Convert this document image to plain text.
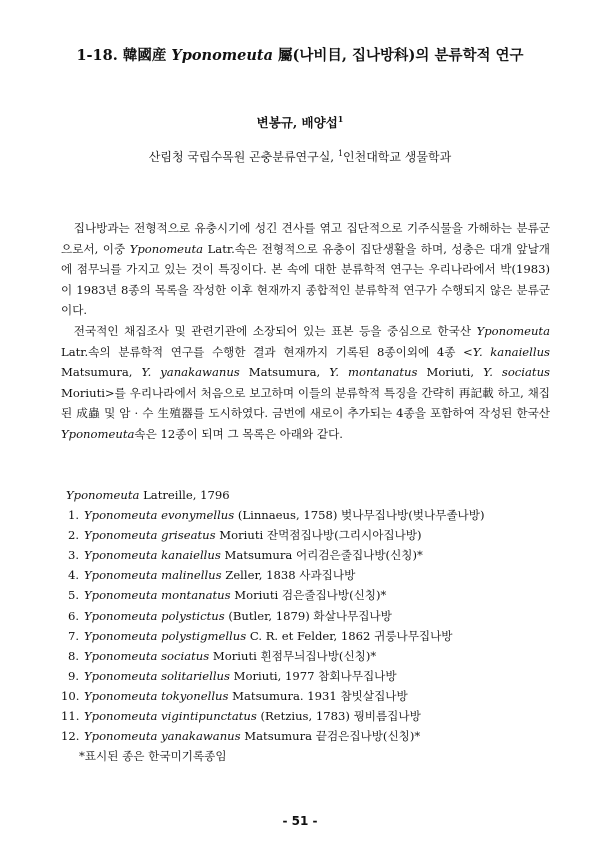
1-18. 韓國産 Yponomeuta 屬(나비目, 집나방科)의 분류학적 연구
변봉규, 배양섭$^1$
산림청 국립수목원 곤충분류연구실, $^1$인천대학교 생물학과

집나방과는 전형적으로 유충시기에 성긴 견사를 엮고 집단적으로 기주식물을 가해하는 분류군으로서, 이중 Yponomeuta Latr.속은 전형적으로 유충이 집단생활을 하며, 성충은 대개 앞날개에 점무늬를 가지고 있는 것이 특징이다. 본 속에 대한 분류학적 연구는 우리나라에서 박(1983)이 1983년 8종의 목록을 작성한 이후 현재까지 종합적인 분류학적 연구가 수행되지 않은 분류군이다.

전국적인 채집조사 및 관련기관에 소장되어 있는 표본 등을 중심으로 한국산 Yponomeuta Latr.속의 분류학적 연구를 수행한 결과 현재까지 기록된 8종이외에 4종 <Y. kanaiellus Matsumura, Y. yanakawanus Matsumura, Y. montanatus Moriuti, Y. sociatus Moriuti>를 우리나라에서 처음으로 보고하며 이들의 분류학적 특징을 간략히 再記載 하고, 채집된 成蟲 및 암 · 수 生殖器를 도시하였다. 금번에 새로이 추가되는 4종을 포함하여 작성된 한국산 Yponomeuta속은 12종이 되며 그 목록은 아래와 같다.

Yponomeuta Latreille, 1796
1. Yponomeuta evonymellus (Linnaeus, 1758) 벚나무집나방(벚나무졸나방)
2. Yponomeuta griseatus Moriuti 잔먹점집나방(그리시아집나방)
3. Yponomeuta kanaiellus Matsumura 어리검은줄집나방(신칭)*
4. Yponomeuta malinellus Zeller, 1838 사과집나방
5. Yponomeuta montanatus Moriuti 검은줄집나방(신칭)*
6. Yponomeuta polystictus (Butler, 1879) 화살나무집나방
7. Yponomeuta polystigmellus C. R. et Felder, 1862 귀룽나무집나방
8. Yponomeuta sociatus Moriuti 흰점무늬집나방(신칭)*
9. Yponomeuta solitariellus Moriuti, 1977 참회나무집나방
10. Yponomeuta tokyonellus Matsumura. 1931 참빗살집나방
11. Yponomeuta vigintipunctatus (Retzius, 1783) 꿩비름집나방
12. Yponomeuta yanakawanus Matsumura 끝검은집나방(신칭)*
*표시된 종은 한국미기록종임
- 51 -
